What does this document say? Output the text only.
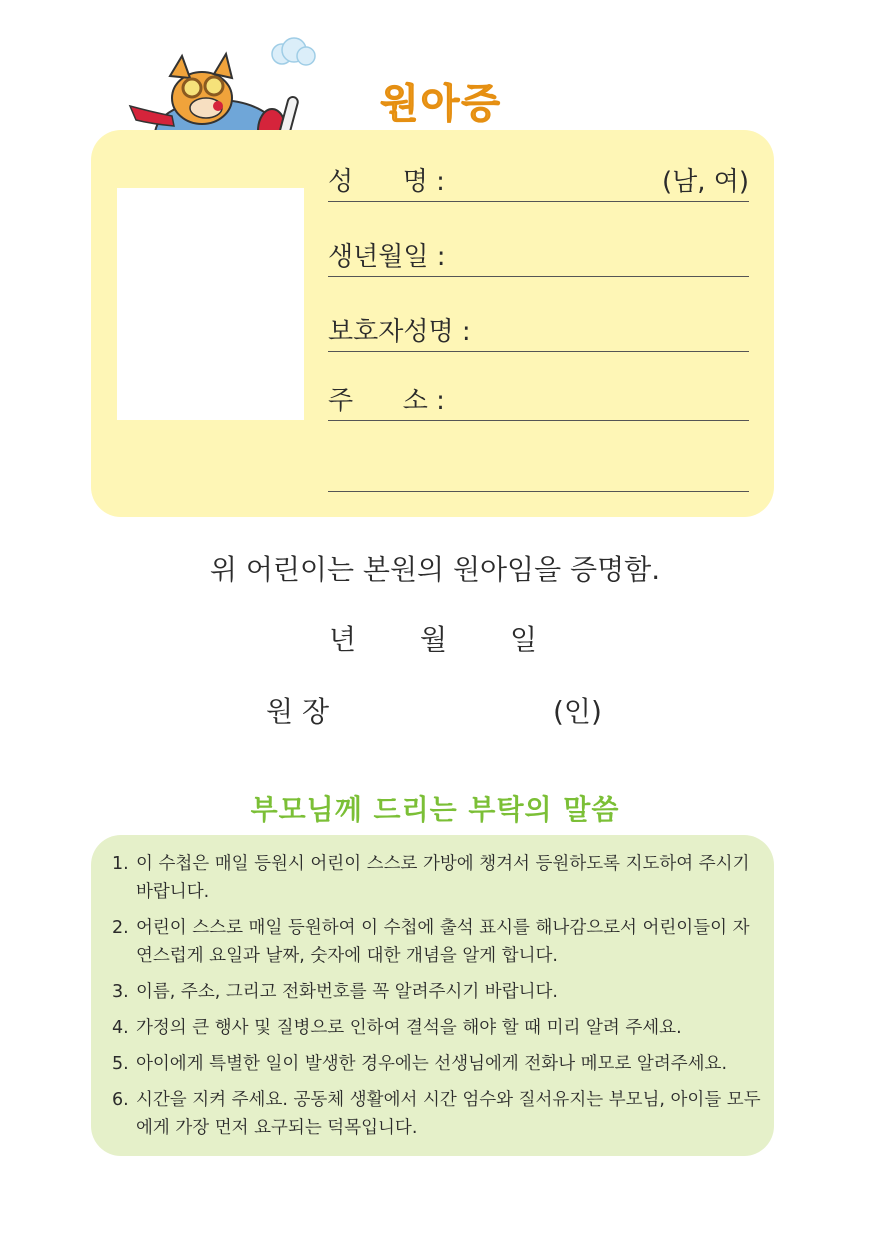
원아증
성      명 :	(남, 여)
생년월일 :
보호자성명 :
주      소 :
위 어린이는 본원의 원아임을 증명함.
년 월 일
원 장	(인)
부모님께 드리는 부탁의 말씀
1. 이 수첩은 매일 등원시 어린이 스스로 가방에 챙겨서 등원하도록 지도하여 주시기 바랍니다.
2. 어린이 스스로 매일 등원하여 이 수첩에 출석 표시를 해나감으로서 어린이들이 자연스럽게 요일과 날짜, 숫자에 대한 개념을 알게 합니다.
3. 이름, 주소, 그리고 전화번호를 꼭 알려주시기 바랍니다.
4. 가정의 큰 행사 및 질병으로 인하여 결석을 해야 할 때 미리 알려 주세요.
5. 아이에게 특별한 일이 발생한 경우에는 선생님에게 전화나 메모로 알려주세요.
6. 시간을 지켜 주세요. 공동체 생활에서 시간 엄수와 질서유지는 부모님, 아이들 모두에게 가장 먼저 요구되는 덕목입니다.
